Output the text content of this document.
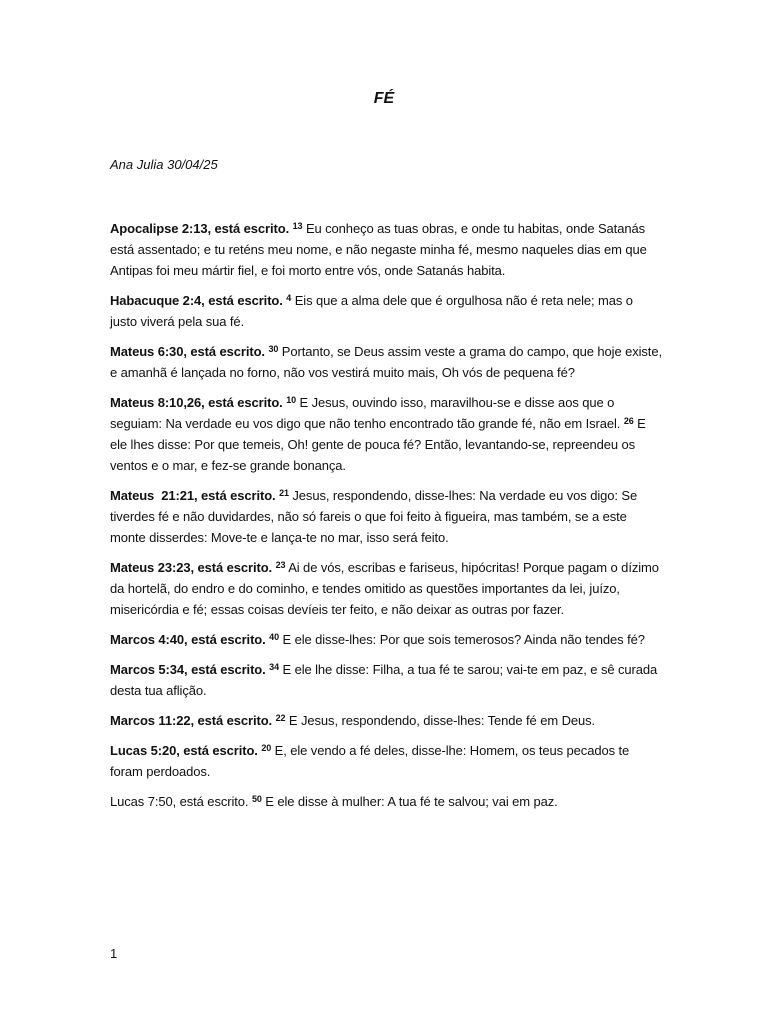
FÉ
Ana Julia 30/04/25

Apocalipse 2:13, está escrito. $^{13}$ Eu conheço as tuas obras, e onde tu habitas, onde Satanás está assentado; e tu reténs meu nome, e não negaste minha fé, mesmo naqueles dias em que Antipas foi meu mártir fiel, e foi morto entre vós, onde Satanás habita.

Habacuque 2:4, está escrito. $^4$ Eis que a alma dele que é orgulhosa não é reta nele; mas o justo viverá pela sua fé.

Mateus 6:30, está escrito. $^{30}$ Portanto, se Deus assim veste a grama do campo, que hoje existe, e amanhã é lançada no forno, não vos vestirá muito mais, Oh vós de pequena fé?

Mateus 8:10,26, está escrito. $^{10}$ E Jesus, ouvindo isso, maravilhou-se e disse aos que o seguiam: Na verdade eu vos digo que não tenho encontrado tão grande fé, não em Israel. $^{26}$ E ele lhes disse: Por que temeis, Oh! gente de pouca fé? Então, levantando-se, repreendeu os ventos e o mar, e fez-se grande bonança.

Mateus  21:21, está escrito. $^{21}$ Jesus, respondendo, disse-lhes: Na verdade eu vos digo: Se tiverdes fé e não duvidardes, não só fareis o que foi feito à figueira, mas também, se a este monte disserdes: Move-te e lança-te no mar, isso será feito.

Mateus 23:23, está escrito. $^{23}$ Ai de vós, escribas e fariseus, hipócritas! Porque pagam o dízimo da hortelã, do endro e do cominho, e tendes omitido as questões importantes da lei, juízo, misericórdia e fé; essas coisas devíeis ter feito, e não deixar as outras por fazer.

Marcos 4:40, está escrito. $^{40}$ E ele disse-lhes: Por que sois temerosos? Ainda não tendes fé?

Marcos 5:34, está escrito. $^{34}$ E ele lhe disse: Filha, a tua fé te sarou; vai-te em paz, e sê curada desta tua aflição.

Marcos 11:22, está escrito. $^{22}$ E Jesus, respondendo, disse-lhes: Tende fé em Deus.

Lucas 5:20, está escrito. $^{20}$ E, ele vendo a fé deles, disse-lhe: Homem, os teus pecados te foram perdoados.

Lucas 7:50, está escrito. $^{50}$ E ele disse à mulher: A tua fé te salvou; vai em paz.

1
